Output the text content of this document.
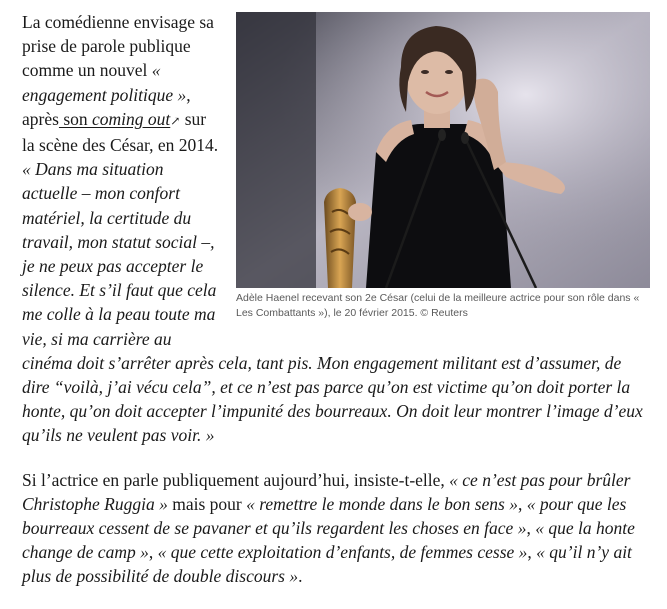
Adèle Haenel recevant son 2e César (celui de la meilleure actrice pour son rôle dans « Les Combattants »), le 20 février 2015. © Reuters

La comédienne envisage sa prise de parole publique comme un nouvel « engagement politique », après son coming out↗ sur la scène des César, en 2014. « Dans ma situation actuelle – mon confort matériel, la certitude du travail, mon statut social –, je ne peux pas accepter le silence. Et s’il faut que cela me colle à la peau toute ma vie, si ma carrière au cinéma doit s’arrêter après cela, tant pis. Mon engagement militant est d’assumer, de dire “voilà, j’ai vécu cela”, et ce n’est pas parce qu’on est victime qu’on doit porter la honte, qu’on doit accepter l’impunité des bourreaux. On doit leur montrer l’image d’eux qu’ils ne veulent pas voir. »

Si l’actrice en parle publiquement aujourd’hui, insiste-t-elle, « ce n’est pas pour brûler Christophe Ruggia » mais pour « remettre le monde dans le bon sens », « pour que les bourreaux cessent de se pavaner et qu’ils regardent les choses en face », « que la honte change de camp », « que cette exploitation d’enfants, de femmes cesse », « qu’il n’y ait plus de possibilité de double discours ».
